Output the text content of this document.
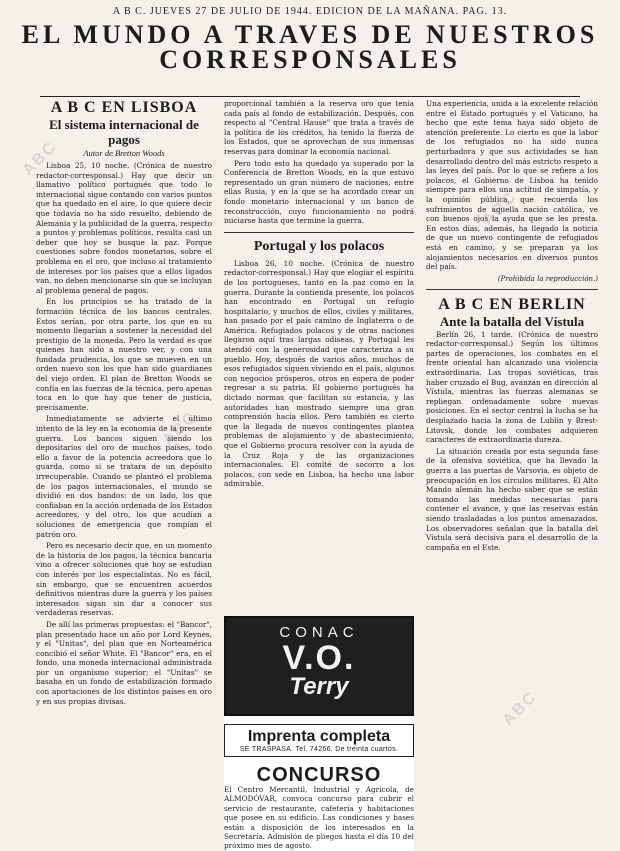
A B C. JUEVES 27 DE JULIO DE 1944. EDICION DE LA MAÑANA. PAG. 13.
EL MUNDO A TRAVES DE NUESTROS
CORRESPONSALES
A B C EN LISBOA
El sistema internacional de pagos
Autor de Bretton Woods

Lisboa 25, 10 noche. (Crónica de nuestro redactor-corresponsal.) Hay que decir un llamativo político portugués que todo lo internacional sigue contando con varios puntos que ha quedado en el aire, lo que quiere decir que todavía no ha sido resuelto, debiendo de Alemania y la publicidad de la guerra, respecto a puntos y problemas políticos, resulta casi un deber que hoy se busque la paz. Porque cuestiones sobre fondos monetarios, sobre el problema en el oro, que incluso al tratamiento de intereses por los países que a ellos ligados van, no deben mencionarse sin que se incluyan al problema general de pagos.

En los principios se ha tratado de la formación técnica de los bancos centrales. Estos serían, por otra parte, los que en su momento llegarían a sostener la necesidad del prestigio de la moneda. Pero la verdad es que quienes han sido a nuestro ver, y con una fundada prudencia, los que se mueven en un orden nuevo son los que han sido guardianes del viejo orden. El plan de Bretton Woods se confía en las fuerzas de la técnica, pero apenas toca en lo que hay que tener de justicia, precisamente.

Inmediatamente se advierte el último intento de la ley en la economía de la presente guerra. Los bancos siguen siendo los depositarios del oro de muchos países, todo ello a favor de la potencia acreedora que lo guarda, como si se tratara de un depósito irrecuperable. Cuando se planteó el problema de los pagos internacionales, el mundo se dividió en dos bandos: de un lado, los que confiaban en la acción ordenada de los Estados acreedores, y del otro, los que acudían a soluciones de emergencia que rompían el patrón oro.

Pero es necesario decir que, en un momento de la historia de los pagos, la técnica bancaria vino a ofrecer soluciones que hoy se estudian con interés por los especialistas. No es fácil, sin embargo, que se encuentren acuerdos definitivos mientras dure la guerra y los países interesados sigan sin dar a conocer sus verdaderas reservas.

De allí las primeras propuestas: el "Bancor", plan presentado hace un año por Lord Keynes, y el "Unitas", del plan que en Norteamérica concibió el señor White. El "Bancor" era, en el fondo, una moneda internacional administrada por un organismo superior; el "Unitas" se basaba en un fondo de estabilización formado con aportaciones de los distintos países en oro y en sus propias divisas.

proporcional también a la reserva oro que tenía cada país al fondo de estabilización. Después, con respecto al "Central Hause" que trata a través de la política de los créditos, ha tenido la fuerza de los Estados, que se aprovechan de sus inmensas reservas para dominar la economía nacional.

Pero todo esto ha quedado ya superado por la Conferencia de Bretton Woods, en la que estuvo representado un gran número de naciones, entre ellas Rusia, y en la que se ha acordado crear un fondo monetario internacional y un banco de reconstrucción, cuyo funcionamiento no podrá iniciarse hasta que termine la guerra.

Portugal y los polacos

Lisboa 26, 10 noche. (Crónica de nuestro redactor-corresponsal.) Hay que elogiar el espíritu de los portugueses, tanto en la paz como en la guerra. Durante la contienda presente, los polacos han encontrado en Portugal un refugio hospitalario, y muchos de ellos, civiles y militares, han pasado por el país camino de Inglaterra o de América. Refugiados polacos y de otras naciones llegaron aquí tras largas odiseas, y Portugal les atendió con la generosidad que caracteriza a su pueblo. Hoy, después de varios años, muchos de esos refugiados siguen viviendo en el país, algunos con negocios prósperos, otros en espera de poder regresar a su patria. El gobierno portugués ha dictado normas que facilitan su estancia, y las autoridades han mostrado siempre una gran comprensión hacia ellos. Pero también es cierto que la llegada de nuevos contingentes plantea problemas de alojamiento y de abastecimiento, que el Gobierno procura resolver con la ayuda de la Cruz Roja y de las organizaciones internacionales. El comité de socorro a los polacos, con sede en Lisboa, ha hecho una labor admirable.

CONAC
V.O.
Terry
Imprenta completa
SE TRASPASA. Tel. 74266. De treinta cuartos.
CONCURSO
El Centro Mercantil, Industrial y Agrícola, de ALMODÓVAR, convoca concurso para cubrir el servicio de restaurante, cafetería y habitaciones que posee en su edificio. Las condiciones y bases están a disposición de los interesados en la Secretaría. Admisión de pliegos hasta el día 10 del próximo mes de agosto.

Una experiencia, unida a la excelente relación entre el Estado portugués y el Vaticano, ha hecho que este tema haya sido objeto de atención preferente. Lo cierto es que la labor de los refugiados no ha sido nunca perturbadora y que sus actividades se han desarrollado dentro del más estricto respeto a las leyes del país. Por lo que se refiere a los polacos, el Gobierno de Lisboa ha tenido siempre para ellos una actitud de simpatía, y la opinión pública, que recuerda los sufrimientos de aquella nación católica, ve con buenos ojos la ayuda que se les presta. En estos días, además, ha llegado la noticia de que un nuevo contingente de refugiados está en camino, y se preparan ya los alojamientos necesarios en diversos puntos del país.

(Prohibida la reproducción.)
A B C EN BERLIN
Ante la batalla del Vístula

Berlín 26, 1 tarde. (Crónica de nuestro redactor-corresponsal.) Según los últimos partes de operaciones, los combates en el frente oriental han alcanzado una violencia extraordinaria. Las tropas soviéticas, tras haber cruzado el Bug, avanzan en dirección al Vístula, mientras las fuerzas alemanas se repliegan ordenadamente sobre nuevas posiciones. En el sector central la lucha se ha desplazado hacia la zona de Lublin y Brest-Litovsk, donde los combates adquieren caracteres de extraordinaria dureza.

La situación creada por esta segunda fase de la ofensiva soviética, que ha llevado la guerra a las puertas de Varsovia, es objeto de preocupación en los círculos militares. El Alto Mando alemán ha hecho saber que se están tomando las medidas necesarias para contener el avance, y que las reservas están siendo trasladadas a los puntos amenazados. Los observadores señalan que la batalla del Vístula será decisiva para el desarrollo de la campaña en el Este.

ABC
ABC
ABC
ABC
